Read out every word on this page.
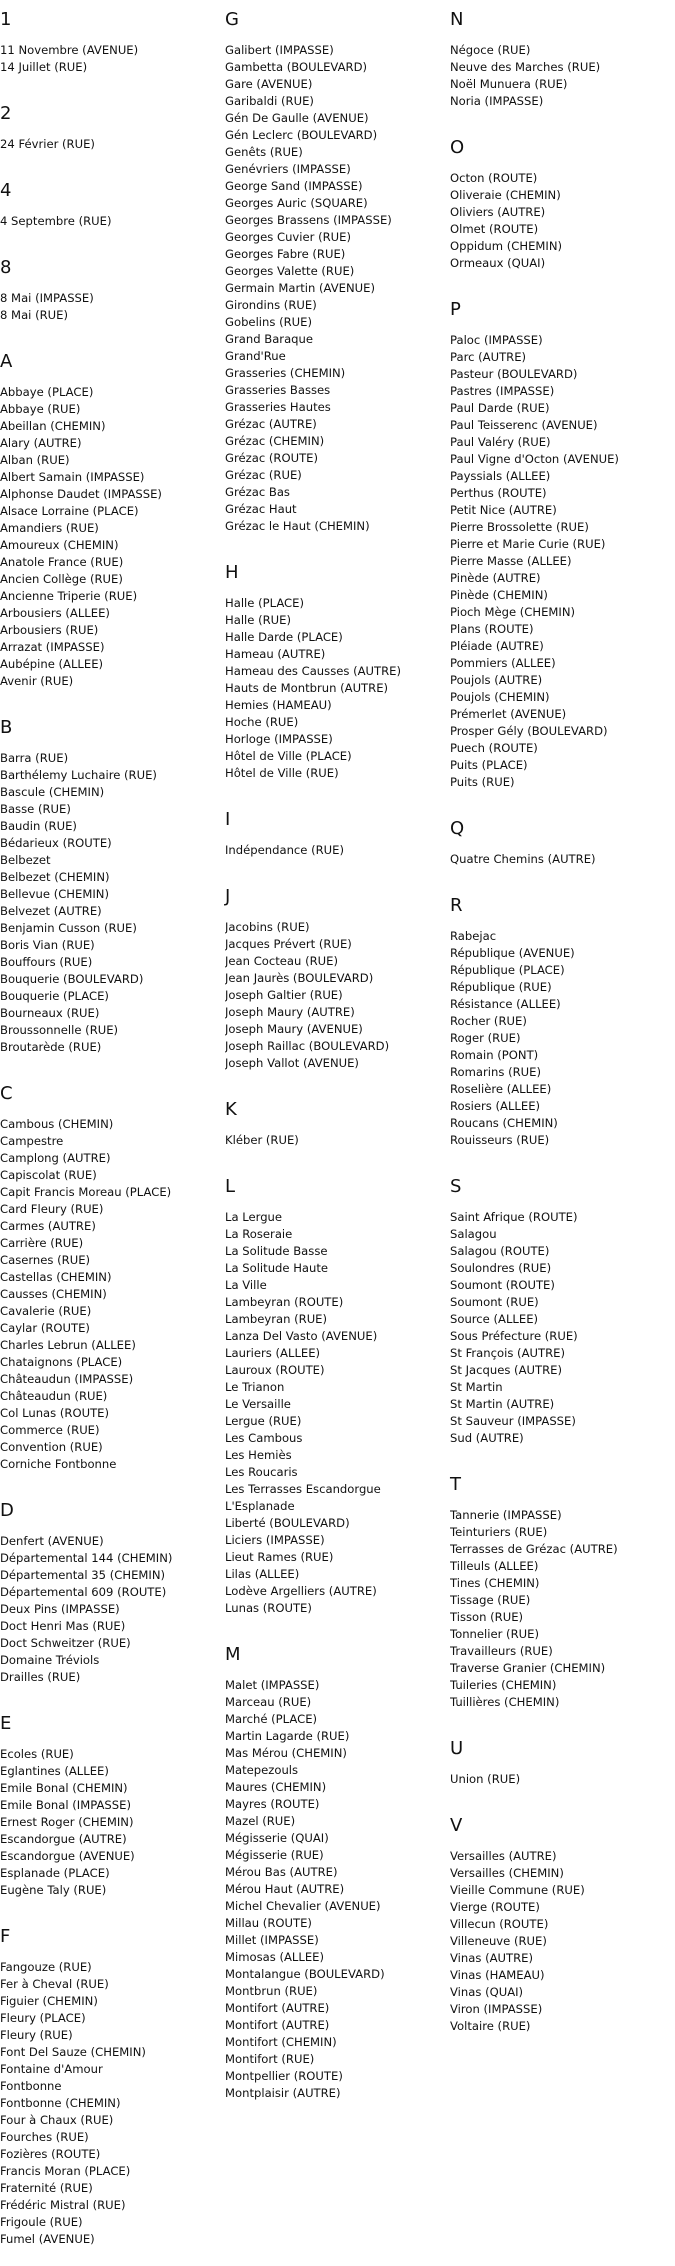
1
11 Novembre (AVENUE)
14 Juillet (RUE)
2
24 Février (RUE)
4
4 Septembre (RUE)
8
8 Mai (IMPASSE)
8 Mai (RUE)
A
Abbaye (PLACE)
Abbaye (RUE)
Abeillan (CHEMIN)
Alary (AUTRE)
Alban (RUE)
Albert Samain (IMPASSE)
Alphonse Daudet (IMPASSE)
Alsace Lorraine (PLACE)
Amandiers (RUE)
Amoureux (CHEMIN)
Anatole France (RUE)
Ancien Collège (RUE)
Ancienne Triperie (RUE)
Arbousiers (ALLEE)
Arbousiers (RUE)
Arrazat (IMPASSE)
Aubépine (ALLEE)
Avenir (RUE)
B
Barra (RUE)
Barthélemy Luchaire (RUE)
Bascule (CHEMIN)
Basse (RUE)
Baudin (RUE)
Bédarieux (ROUTE)
Belbezet
Belbezet (CHEMIN)
Bellevue (CHEMIN)
Belvezet (AUTRE)
Benjamin Cusson (RUE)
Boris Vian (RUE)
Bouffours (RUE)
Bouquerie (BOULEVARD)
Bouquerie (PLACE)
Bourneaux (RUE)
Broussonnelle (RUE)
Broutarède (RUE)
C
Cambous (CHEMIN)
Campestre
Camplong (AUTRE)
Capiscolat (RUE)
Capit Francis Moreau (PLACE)
Card Fleury (RUE)
Carmes (AUTRE)
Carrière (RUE)
Casernes (RUE)
Castellas (CHEMIN)
Causses (CHEMIN)
Cavalerie (RUE)
Caylar (ROUTE)
Charles Lebrun (ALLEE)
Chataignons (PLACE)
Châteaudun (IMPASSE)
Châteaudun (RUE)
Col Lunas (ROUTE)
Commerce (RUE)
Convention (RUE)
Corniche Fontbonne
D
Denfert (AVENUE)
Départemental 144 (CHEMIN)
Départemental 35 (CHEMIN)
Départemental 609 (ROUTE)
Deux Pins (IMPASSE)
Doct Henri Mas (RUE)
Doct Schweitzer (RUE)
Domaine Tréviols
Drailles (RUE)
E
Ecoles (RUE)
Eglantines (ALLEE)
Emile Bonal (CHEMIN)
Emile Bonal (IMPASSE)
Ernest Roger (CHEMIN)
Escandorgue (AUTRE)
Escandorgue (AVENUE)
Esplanade (PLACE)
Eugène Taly (RUE)
F
Fangouze (RUE)
Fer à Cheval (RUE)
Figuier (CHEMIN)
Fleury (PLACE)
Fleury (RUE)
Font Del Sauze (CHEMIN)
Fontaine d'Amour
Fontbonne
Fontbonne (CHEMIN)
Four à Chaux (RUE)
Fourches (RUE)
Fozières (ROUTE)
Francis Moran (PLACE)
Fraternité (RUE)
Frédéric Mistral (RUE)
Frigoule (RUE)
Fumel (AVENUE)
G
Galibert (IMPASSE)
Gambetta (BOULEVARD)
Gare (AVENUE)
Garibaldi (RUE)
Gén De Gaulle (AVENUE)
Gén Leclerc (BOULEVARD)
Genêts (RUE)
Genévriers (IMPASSE)
George Sand (IMPASSE)
Georges Auric (SQUARE)
Georges Brassens (IMPASSE)
Georges Cuvier (RUE)
Georges Fabre (RUE)
Georges Valette (RUE)
Germain Martin (AVENUE)
Girondins (RUE)
Gobelins (RUE)
Grand Baraque
Grand'Rue
Grasseries (CHEMIN)
Grasseries Basses
Grasseries Hautes
Grézac (AUTRE)
Grézac (CHEMIN)
Grézac (ROUTE)
Grézac (RUE)
Grézac Bas
Grézac Haut
Grézac le Haut (CHEMIN)
H
Halle (PLACE)
Halle (RUE)
Halle Darde (PLACE)
Hameau (AUTRE)
Hameau des Causses (AUTRE)
Hauts de Montbrun (AUTRE)
Hemies (HAMEAU)
Hoche (RUE)
Horloge (IMPASSE)
Hôtel de Ville (PLACE)
Hôtel de Ville (RUE)
I
Indépendance (RUE)
J
Jacobins (RUE)
Jacques Prévert (RUE)
Jean Cocteau (RUE)
Jean Jaurès (BOULEVARD)
Joseph Galtier (RUE)
Joseph Maury (AUTRE)
Joseph Maury (AVENUE)
Joseph Raillac (BOULEVARD)
Joseph Vallot (AVENUE)
K
Kléber (RUE)
L
La Lergue
La Roseraie
La Solitude Basse
La Solitude Haute
La Ville
Lambeyran (ROUTE)
Lambeyran (RUE)
Lanza Del Vasto (AVENUE)
Lauriers (ALLEE)
Lauroux (ROUTE)
Le Trianon
Le Versaille
Lergue (RUE)
Les Cambous
Les Hemiès
Les Roucaris
Les Terrasses Escandorgue
L'Esplanade
Liberté (BOULEVARD)
Liciers (IMPASSE)
Lieut Rames (RUE)
Lilas (ALLEE)
Lodève Argelliers (AUTRE)
Lunas (ROUTE)
M
Malet (IMPASSE)
Marceau (RUE)
Marché (PLACE)
Martin Lagarde (RUE)
Mas Mérou (CHEMIN)
Matepezouls
Maures (CHEMIN)
Mayres (ROUTE)
Mazel (RUE)
Mégisserie (QUAI)
Mégisserie (RUE)
Mérou Bas (AUTRE)
Mérou Haut (AUTRE)
Michel Chevalier (AVENUE)
Millau (ROUTE)
Millet (IMPASSE)
Mimosas (ALLEE)
Montalangue (BOULEVARD)
Montbrun (RUE)
Montifort (AUTRE)
Montifort (AUTRE)
Montifort (CHEMIN)
Montifort (RUE)
Montpellier (ROUTE)
Montplaisir (AUTRE)
N
Négoce (RUE)
Neuve des Marches (RUE)
Noël Munuera (RUE)
Noria (IMPASSE)
O
Octon (ROUTE)
Oliveraie (CHEMIN)
Oliviers (AUTRE)
Olmet (ROUTE)
Oppidum (CHEMIN)
Ormeaux (QUAI)
P
Paloc (IMPASSE)
Parc (AUTRE)
Pasteur (BOULEVARD)
Pastres (IMPASSE)
Paul Darde (RUE)
Paul Teisserenc (AVENUE)
Paul Valéry (RUE)
Paul Vigne d'Octon (AVENUE)
Payssials (ALLEE)
Perthus (ROUTE)
Petit Nice (AUTRE)
Pierre Brossolette (RUE)
Pierre et Marie Curie (RUE)
Pierre Masse (ALLEE)
Pinède (AUTRE)
Pinède (CHEMIN)
Pioch Mège (CHEMIN)
Plans (ROUTE)
Pléiade (AUTRE)
Pommiers (ALLEE)
Poujols (AUTRE)
Poujols (CHEMIN)
Prémerlet (AVENUE)
Prosper Gély (BOULEVARD)
Puech (ROUTE)
Puits (PLACE)
Puits (RUE)
Q
Quatre Chemins (AUTRE)
R
Rabejac
République (AVENUE)
République (PLACE)
République (RUE)
Résistance (ALLEE)
Rocher (RUE)
Roger (RUE)
Romain (PONT)
Romarins (RUE)
Roselière (ALLEE)
Rosiers (ALLEE)
Roucans (CHEMIN)
Rouisseurs (RUE)
S
Saint Afrique (ROUTE)
Salagou
Salagou (ROUTE)
Soulondres (RUE)
Soumont (ROUTE)
Soumont (RUE)
Source (ALLEE)
Sous Préfecture (RUE)
St François (AUTRE)
St Jacques (AUTRE)
St Martin
St Martin (AUTRE)
St Sauveur (IMPASSE)
Sud (AUTRE)
T
Tannerie (IMPASSE)
Teinturiers (RUE)
Terrasses de Grézac (AUTRE)
Tilleuls (ALLEE)
Tines (CHEMIN)
Tissage (RUE)
Tisson (RUE)
Tonnelier (RUE)
Travailleurs (RUE)
Traverse Granier (CHEMIN)
Tuileries (CHEMIN)
Tuillières (CHEMIN)
U
Union (RUE)
V
Versailles (AUTRE)
Versailles (CHEMIN)
Vieille Commune (RUE)
Vierge (ROUTE)
Villecun (ROUTE)
Villeneuve (RUE)
Vinas (AUTRE)
Vinas (HAMEAU)
Vinas (QUAI)
Viron (IMPASSE)
Voltaire (RUE)
